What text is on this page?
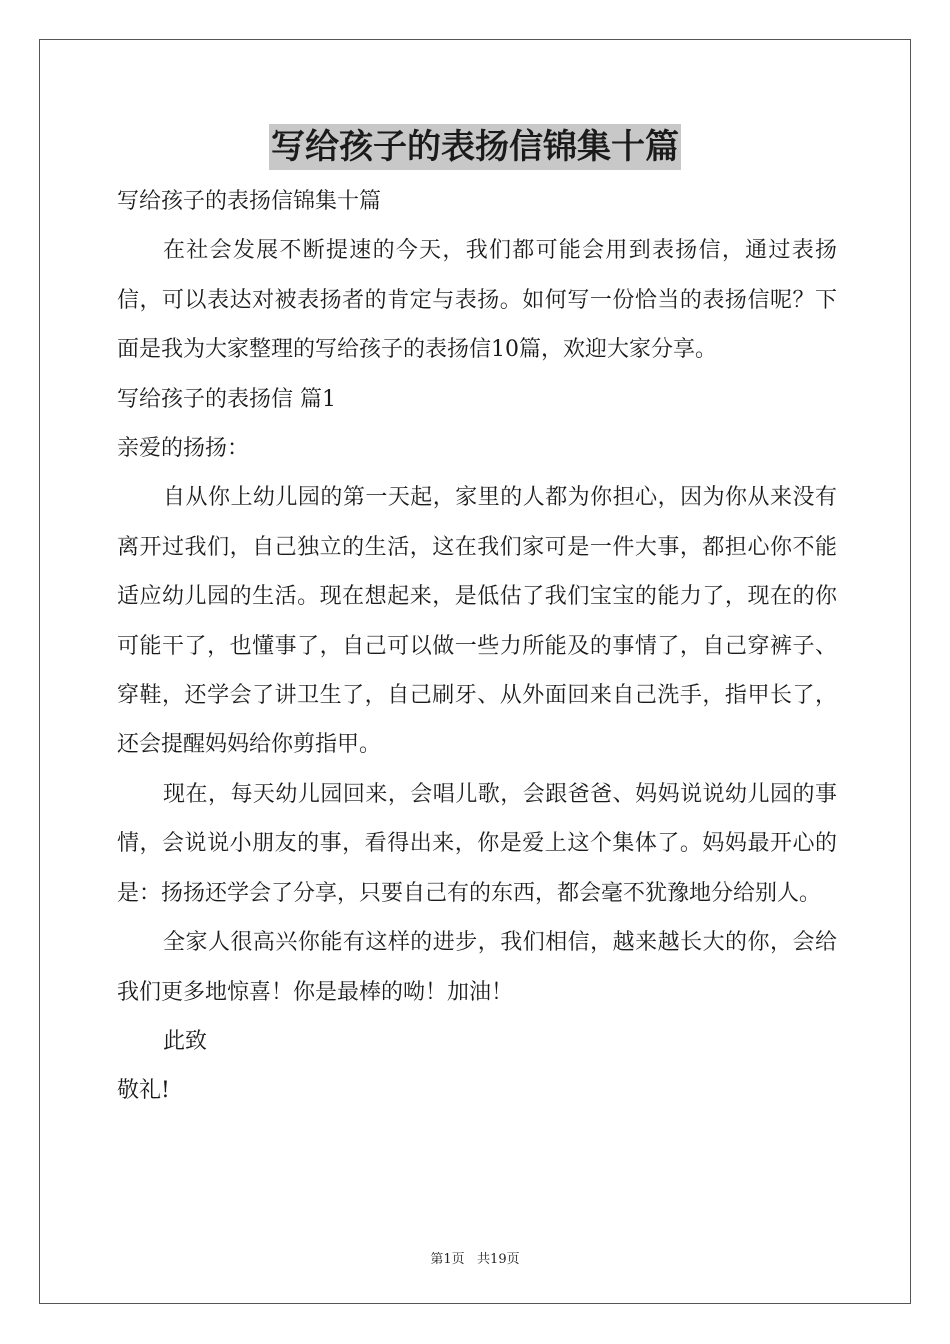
写给孩子的表扬信锦集十篇

写给孩子的表扬信锦集十篇

在社会发展不断提速的今天，我们都可能会用到表扬信，通过表扬信，可以表达对被表扬者的肯定与表扬。如何写一份恰当的表扬信呢？下面是我为大家整理的写给孩子的表扬信10篇，欢迎大家分享。

写给孩子的表扬信 篇1

亲爱的扬扬：

自从你上幼儿园的第一天起，家里的人都为你担心，因为你从来没有离开过我们，自己独立的生活，这在我们家可是一件大事，都担心你不能适应幼儿园的生活。现在想起来，是低估了我们宝宝的能力了，现在的你可能干了，也懂事了，自己可以做一些力所能及的事情了，自己穿裤子、穿鞋，还学会了讲卫生了，自己刷牙、从外面回来自己洗手，指甲长了，还会提醒妈妈给你剪指甲。

现在，每天幼儿园回来，会唱儿歌，会跟爸爸、妈妈说说幼儿园的事情，会说说小朋友的事，看得出来，你是爱上这个集体了。妈妈最开心的是：扬扬还学会了分享，只要自己有的东西，都会毫不犹豫地分给别人。

全家人很高兴你能有这样的进步，我们相信，越来越长大的你，会给我们更多地惊喜！你是最棒的呦！加油！

此致

敬礼!

第1页   共19页
